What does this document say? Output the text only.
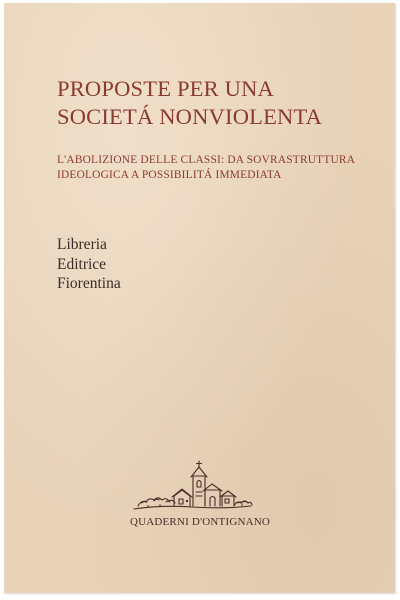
PROPOSTE PER UNA
SOCIETÁ NONVIOLENTA

L'ABOLIZIONE DELLE CLASSI: DA SOVRASTRUTTURA
IDEOLOGICA A POSSIBILITÁ IMMEDIATA

Libreria
Editrice
Fiorentina

QUADERNI D'ONTIGNANO
